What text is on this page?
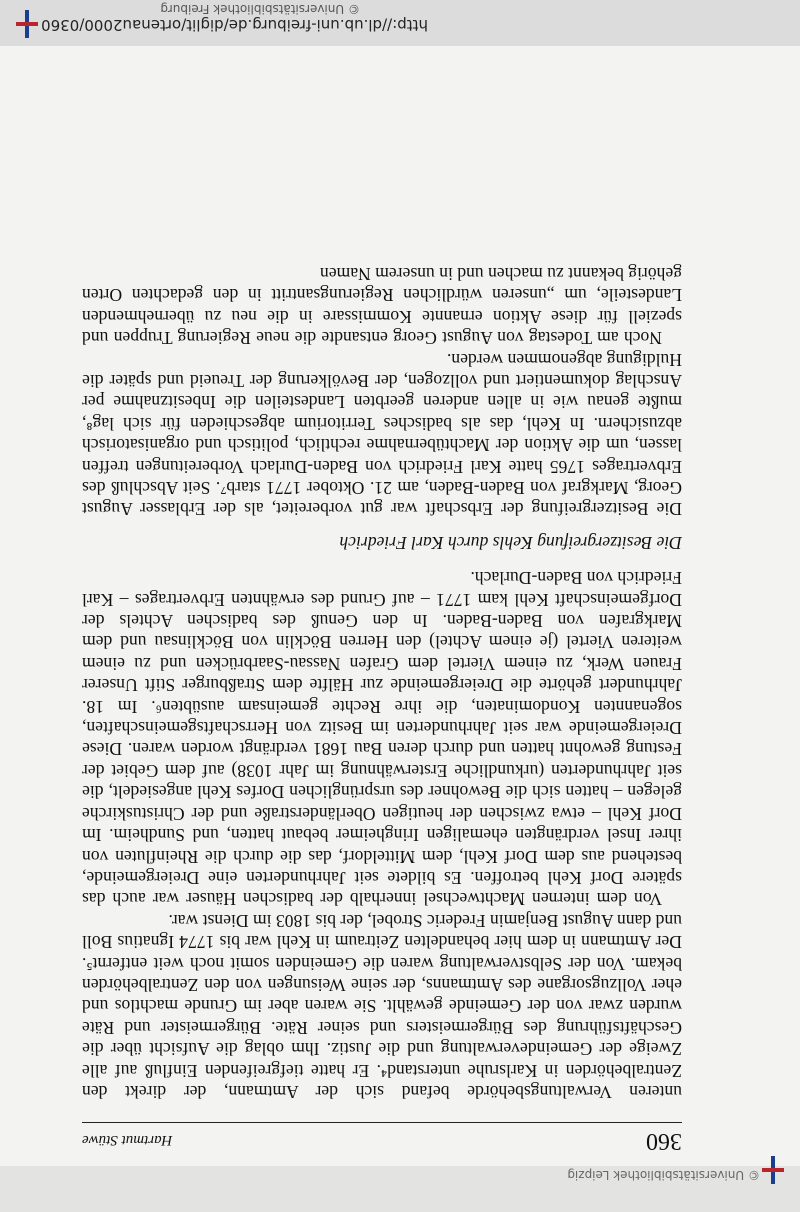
© Universitätsbibliothek Leipzig
360
Hartmut Stüwe

unteren Verwaltungsbehörde befand sich der Amtmann, der direkt den Zentralbehörden in Karlsruhe unterstand⁴. Er hatte tiefgreifenden Einfluß auf alle Zweige der Gemeindeverwaltung und die Justiz. Ihm oblag die Aufsicht über die Geschäftsführung des Bürgermeisters und seiner Räte. Bürgermeister und Räte wurden zwar von der Gemeinde gewählt. Sie waren aber im Grunde machtlos und eher Vollzugsorgane des Amtmanns, der seine Weisungen von den Zentralbehörden bekam. Von der Selbstverwaltung waren die Gemeinden somit noch weit entfernt⁵. Der Amtmann in dem hier behandelten Zeitraum in Kehl war bis 1774 Ignatius Boll und dann August Benjamin Frederic Strobel, der bis 1803 im Dienst war.

Von dem internen Machtwechsel innerhalb der badischen Häuser war auch das spätere Dorf Kehl betroffen. Es bildete seit Jahrhunderten eine Dreiergemeinde, bestehend aus dem Dorf Kehl, dem Mitteldorf, das die durch die Rheinfluten von ihrer Insel verdrängten ehemaligen Iringheimer bebaut hatten, und Sundheim. Im Dorf Kehl – etwa zwischen der heutigen Oberländerstraße und der Christuskirche gelegen – hatten sich die Bewohner des ursprünglichen Dorfes Kehl angesiedelt, die seit Jahrhunderten (urkundliche Ersterwähnung im Jahr 1038) auf dem Gebiet der Festung gewohnt hatten und durch deren Bau 1681 verdrängt worden waren. Diese Dreiergemeinde war seit Jahrhunderten im Besitz von Herrschaftsgemeinschaften, sogenannten Kondominaten, die ihre Rechte gemeinsam ausübten⁶. Im 18. Jahrhundert gehörte die Dreiergemeinde zur Hälfte dem Straßburger Stift Unserer Frauen Werk, zu einem Viertel dem Grafen Nassau-Saarbrücken und zu einem weiteren Viertel (je einem Achtel) den Herren Böcklin von Böcklinsau und dem Markgrafen von Baden-Baden. In den Genuß des badischen Achtels der Dorfgemeinschaft Kehl kam 1771 – auf Grund des erwähnten Erbvertrages – Karl Friedrich von Baden-Durlach.

Die Besitzergreifung Kehls durch Karl Friedrich

Die Besitzergreifung der Erbschaft war gut vorbereitet, als der Erblasser August Georg, Markgraf von Baden-Baden, am 21. Oktober 1771 starb⁷. Seit Abschluß des Erbvertrages 1765 hatte Karl Friedrich von Baden-Durlach Vorbereitungen treffen lassen, um die Aktion der Machtübernahme rechtlich, politisch und organisatorisch abzusichern. In Kehl, das als badisches Territorium abgeschieden für sich lag⁸, mußte genau wie in allen anderen geerbten Landesteilen die Inbesitznahme per Anschlag dokumentiert und vollzogen, der Bevölkerung der Treueid und später die Huldigung abgenommen werden.

Noch am Todestag von August Georg entsandte die neue Regierung Truppen und speziell für diese Aktion ernannte Kommissare in die neu zu übernehmenden Landesteile, um „unseren würdlichen Regierungsantritt in den gedachten Orten gehörig bekannt zu machen und in unserem Namen

http://dl.ub.uni-freiburg.de/diglit/ortenau2000/0360
© Universitätsbibliothek Freiburg
